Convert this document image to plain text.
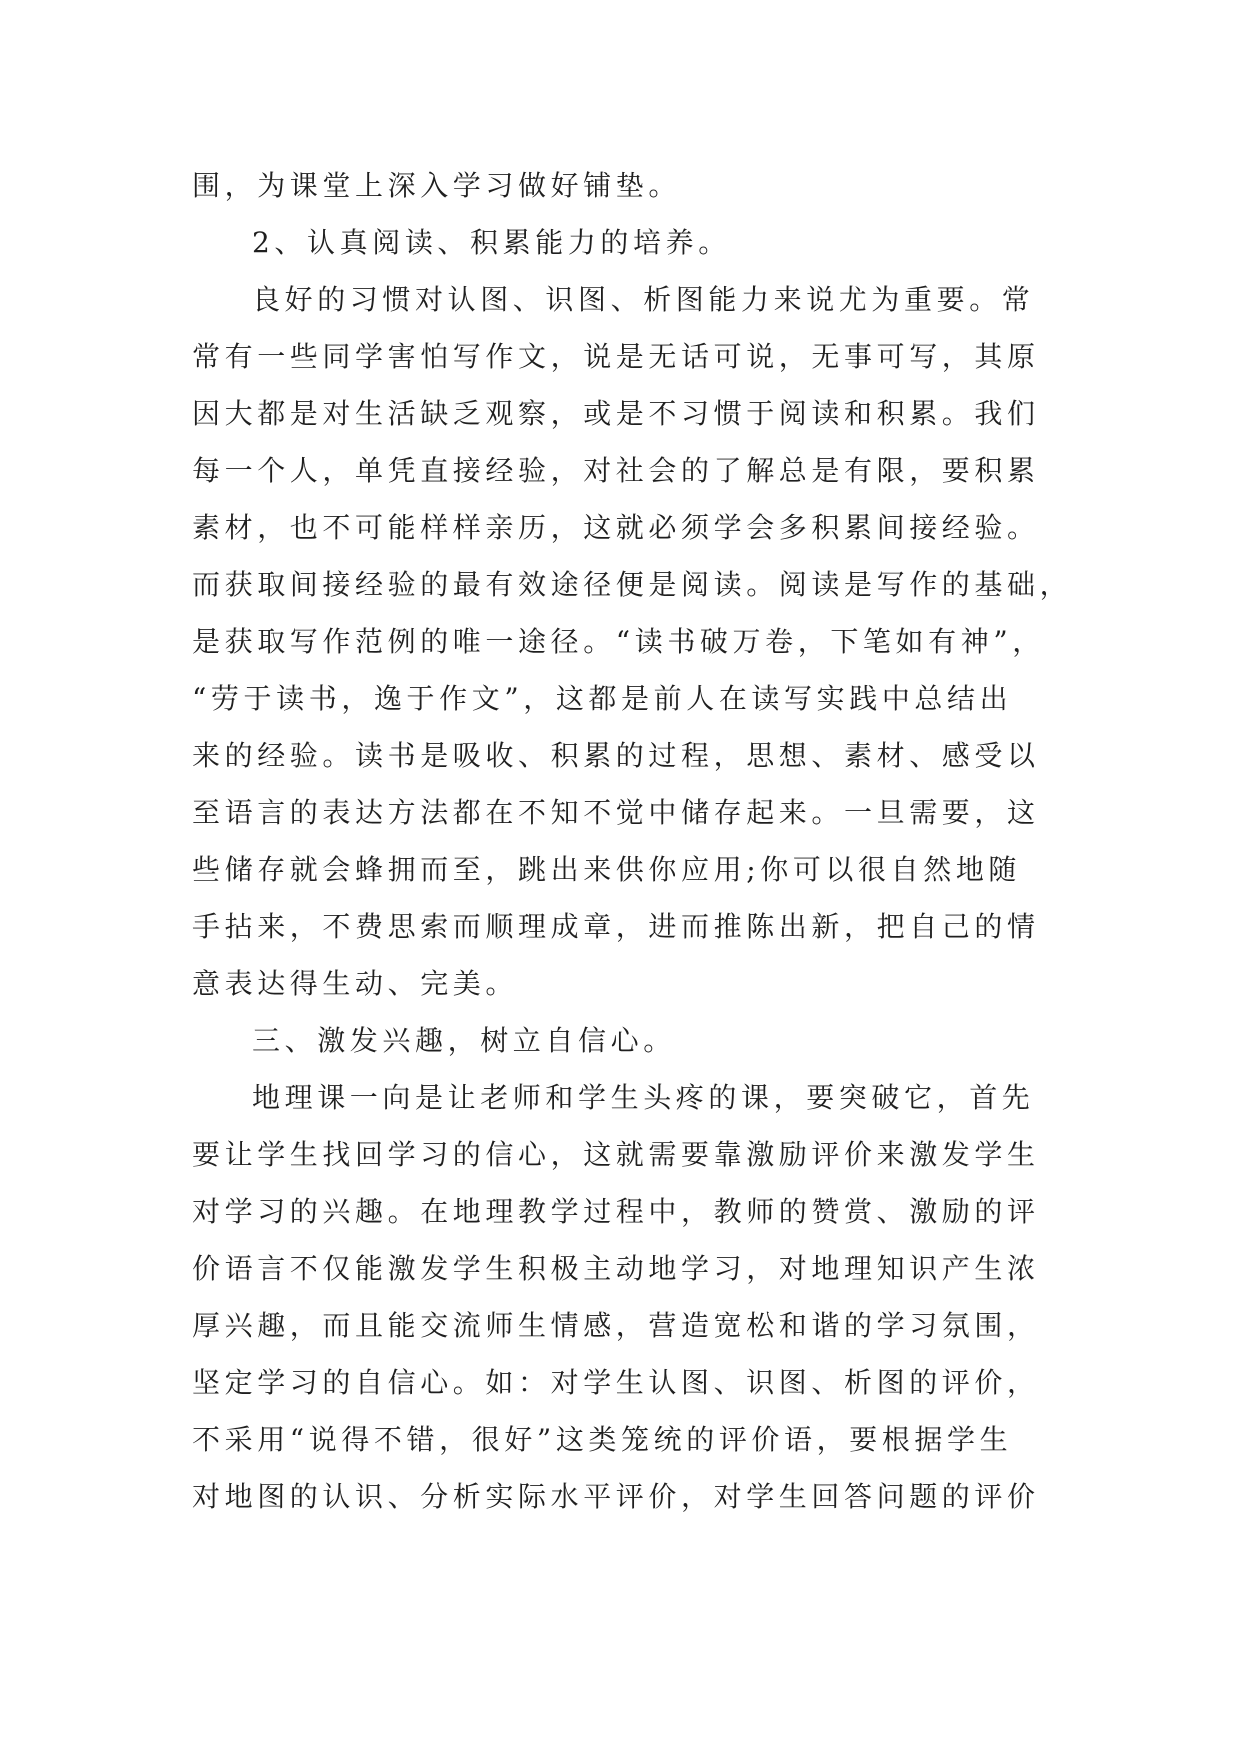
围，为课堂上深入学习做好铺垫。
2、认真阅读、积累能力的培养。
良好的习惯对认图、识图、析图能力来说尤为重要。常
常有一些同学害怕写作文，说是无话可说，无事可写，其原
因大都是对生活缺乏观察，或是不习惯于阅读和积累。我们
每一个人，单凭直接经验，对社会的了解总是有限，要积累
素材，也不可能样样亲历，这就必须学会多积累间接经验。
而获取间接经验的最有效途径便是阅读。阅读是写作的基础，
是获取写作范例的唯一途径。“读书破万卷，下笔如有神”，
“劳于读书，逸于作文”，这都是前人在读写实践中总结出
来的经验。读书是吸收、积累的过程，思想、素材、感受以
至语言的表达方法都在不知不觉中储存起来。一旦需要，这
些储存就会蜂拥而至，跳出来供你应用;你可以很自然地随
手拈来，不费思索而顺理成章，进而推陈出新，把自己的情
意表达得生动、完美。
三、激发兴趣，树立自信心。
地理课一向是让老师和学生头疼的课，要突破它，首先
要让学生找回学习的信心，这就需要靠激励评价来激发学生
对学习的兴趣。在地理教学过程中，教师的赞赏、激励的评
价语言不仅能激发学生积极主动地学习，对地理知识产生浓
厚兴趣，而且能交流师生情感，营造宽松和谐的学习氛围，
坚定学习的自信心。如：对学生认图、识图、析图的评价，
不采用“说得不错，很好”这类笼统的评价语，要根据学生
对地图的认识、分析实际水平评价，对学生回答问题的评价
